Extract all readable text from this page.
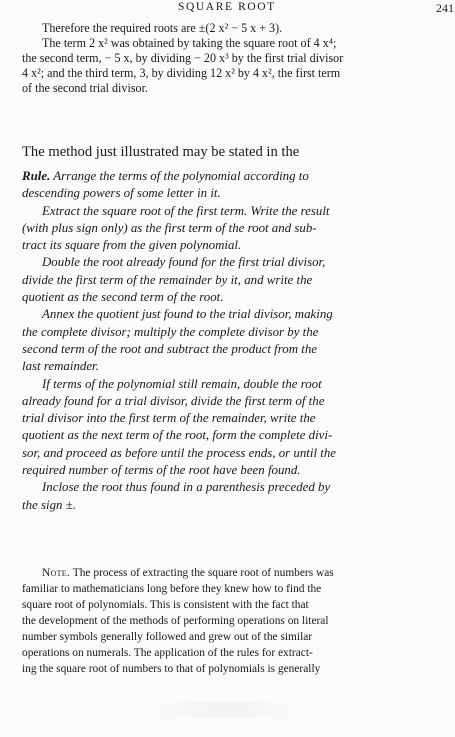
SQUARE ROOT	241
Therefore the required roots are ±(2 x² − 5 x + 3).
The term 2 x² was obtained by taking the square root of 4 x⁴;
the second term, − 5 x, by dividing − 20 x³ by the first trial divisor
4 x²; and the third term, 3, by dividing 12 x² by 4 x², the first term
of the second trial divisor.
The method just illustrated may be stated in the
Rule. Arrange the terms of the polynomial according to
descending powers of some letter in it.
Extract the square root of the first term. Write the result
(with plus sign only) as the first term of the root and sub-
tract its square from the given polynomial.
Double the root already found for the first trial divisor,
divide the first term of the remainder by it, and write the
quotient as the second term of the root.
Annex the quotient just found to the trial divisor, making
the complete divisor; multiply the complete divisor by the
second term of the root and subtract the product from the
last remainder.
If terms of the polynomial still remain, double the root
already found for a trial divisor, divide the first term of the
trial divisor into the first term of the remainder, write the
quotient as the next term of the root, form the complete divi-
sor, and proceed as before until the process ends, or until the
required number of terms of the root have been found.
Inclose the root thus found in a parenthesis preceded by
the sign ±.
Note. The process of extracting the square root of numbers was
familiar to mathematicians long before they knew how to find the
square root of polynomials. This is consistent with the fact that
the development of the methods of performing operations on literal
number symbols generally followed and grew out of the similar
operations on numerals. The application of the rules for extract-
ing the square root of numbers to that of polynomials is generally
